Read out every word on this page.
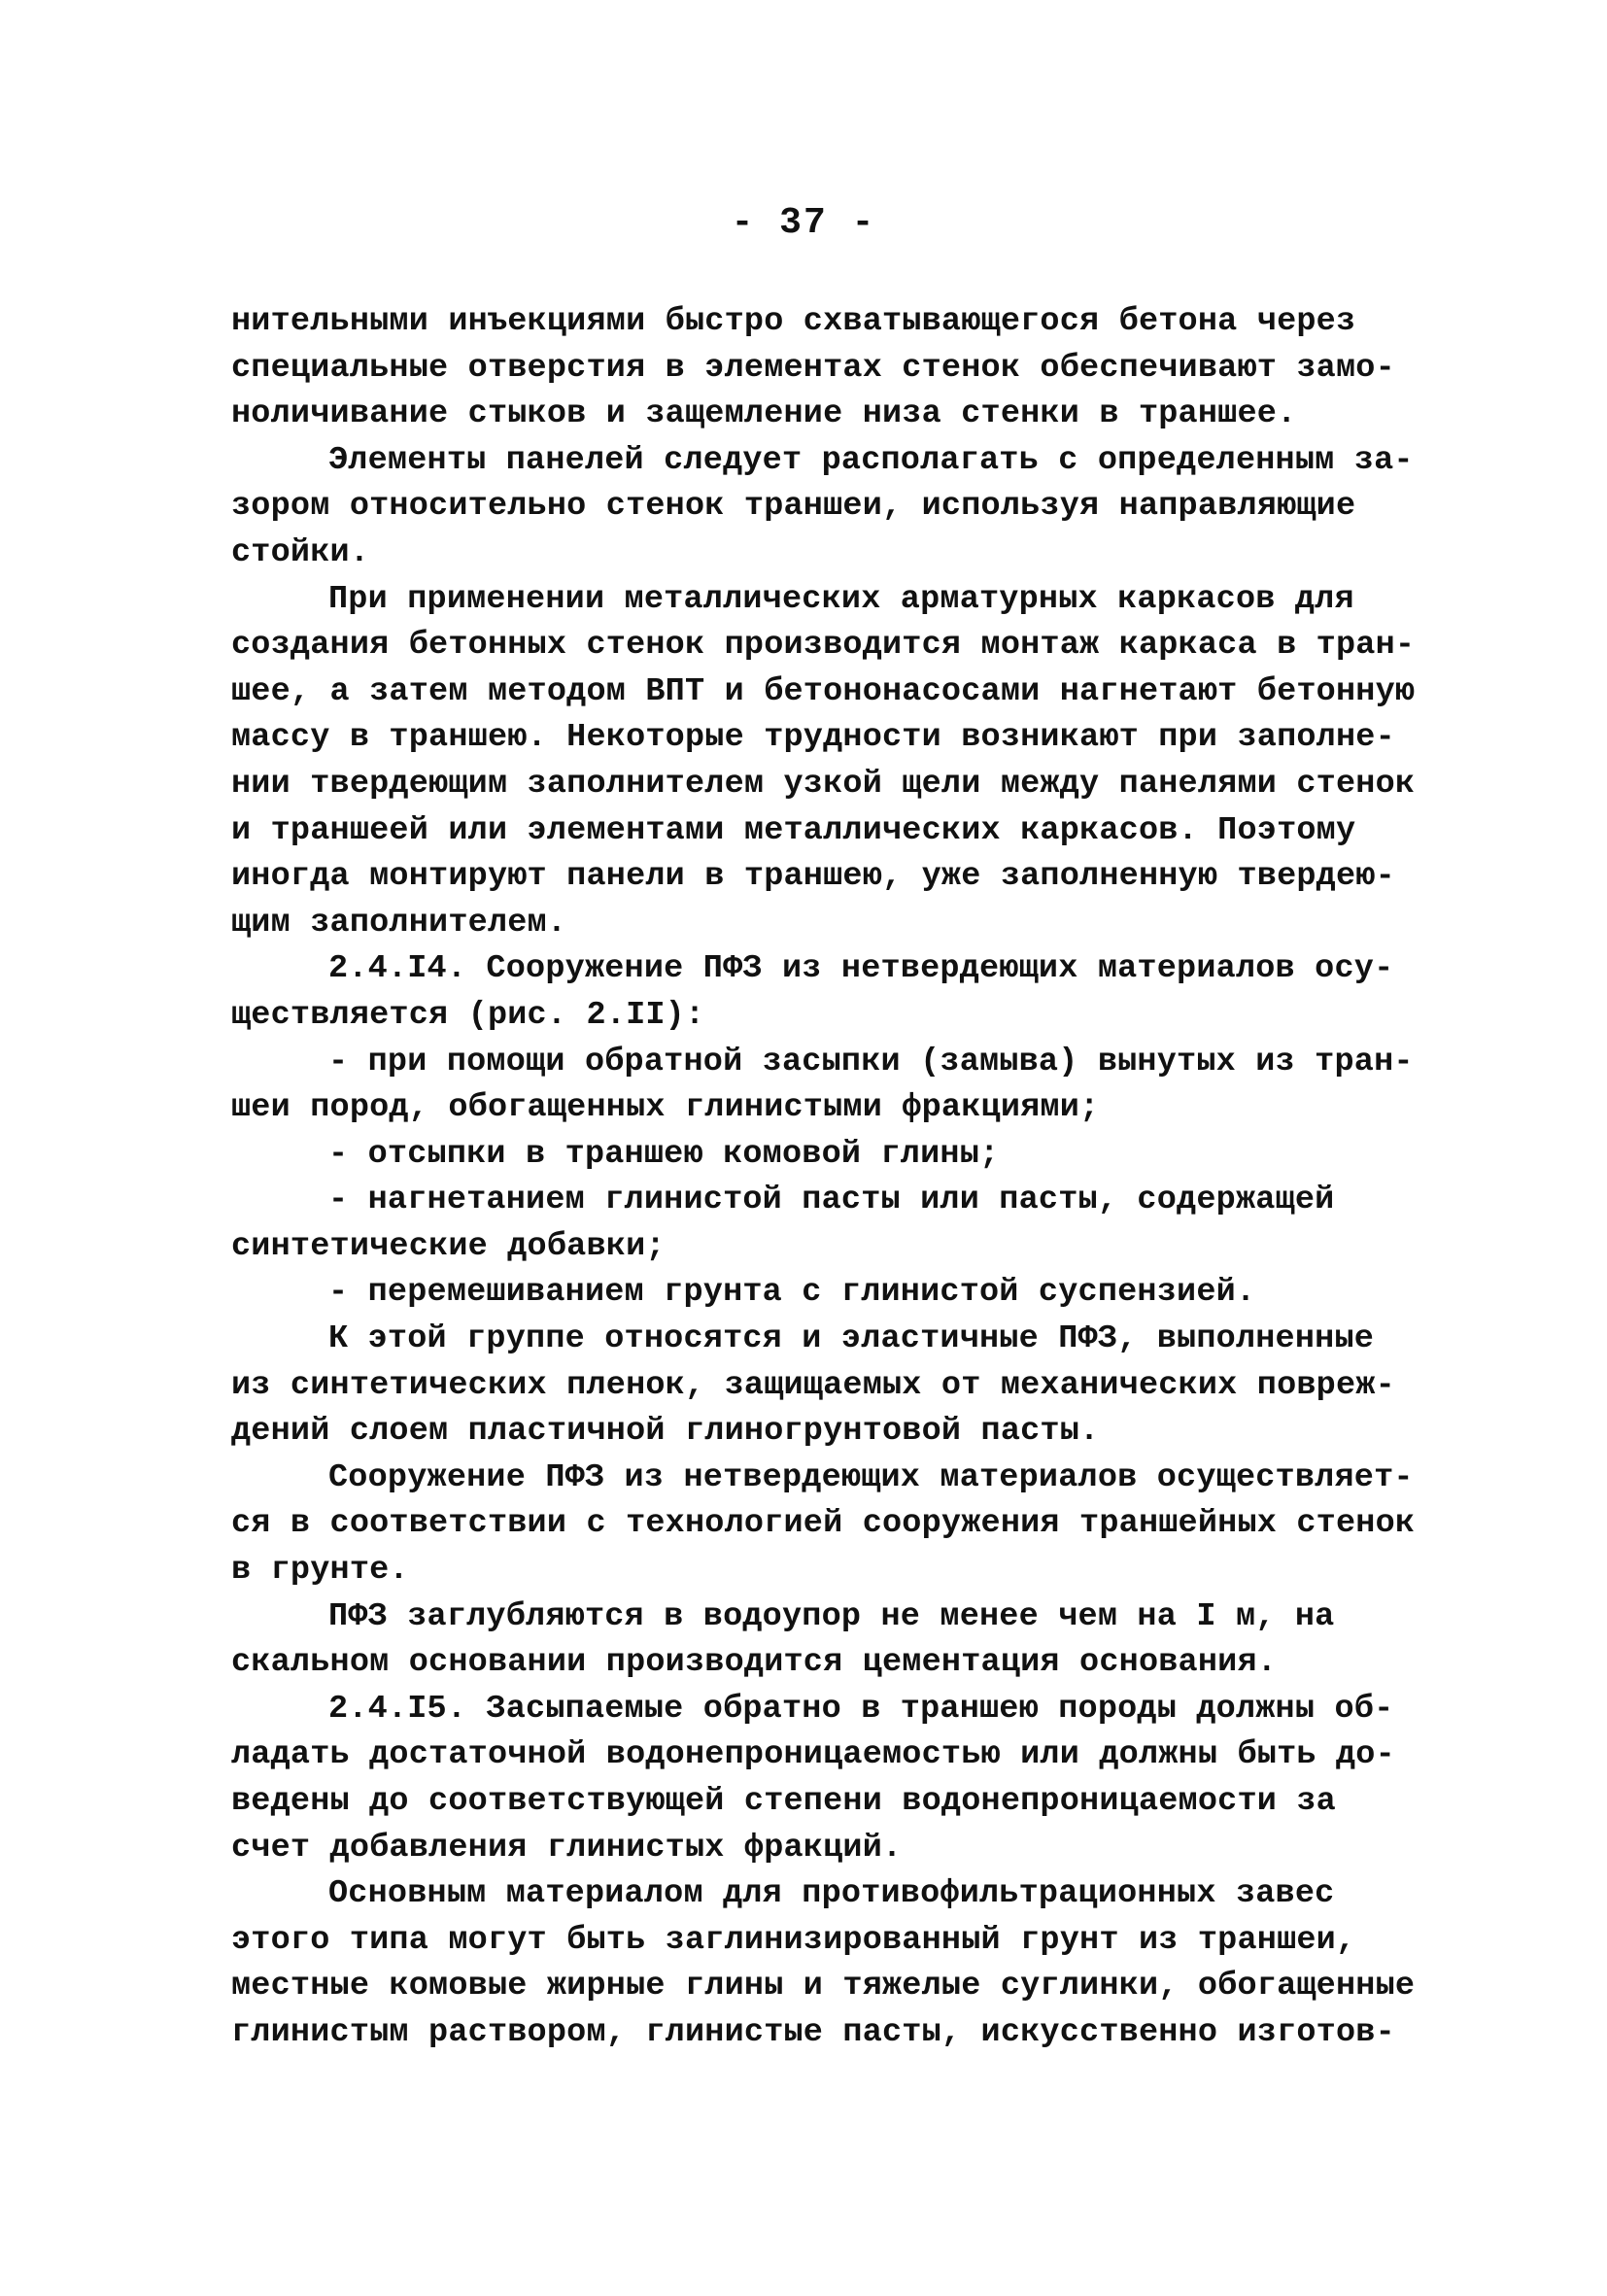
- 37 -
нительными инъекциями быстро схватывающегося бетона через
специальные отверстия в элементах стенок обеспечивают замо-
ноличивание стыков и защемление низа стенки в траншее.
Элементы панелей следует располагать с определенным за-
зором относительно стенок траншеи, используя направляющие
стойки.
При применении металлических арматурных каркасов для
создания бетонных стенок производится монтаж каркаса в тран-
шее, а затем методом ВПТ и бетононасосами нагнетают бетонную
массу в траншею. Некоторые трудности возникают при заполне-
нии твердеющим заполнителем узкой щели между панелями стенок
и траншеей или элементами металлических каркасов. Поэтому
иногда монтируют панели в траншею, уже заполненную твердею-
щим заполнителем.
2.4.I4. Сооружение ПФЗ из нетвердеющих материалов осу-
ществляется (рис. 2.II):
- при помощи обратной засыпки (замыва) вынутых из тран-
шеи пород, обогащенных глинистыми фракциями;
- отсыпки в траншею комовой глины;
- нагнетанием глинистой пасты или пасты, содержащей
синтетические добавки;
- перемешиванием грунта с глинистой суспензией.
К этой группе относятся и эластичные ПФЗ, выполненные
из синтетических пленок, защищаемых от механических повреж-
дений слоем пластичной глиногрунтовой пасты.
Сооружение ПФЗ из нетвердеющих материалов осуществляет-
ся в соответствии с технологией сооружения траншейных стенок
в грунте.
ПФЗ заглубляются в водоупор не менее чем на I м, на
скальном основании производится цементация основания.
2.4.I5. Засыпаемые обратно в траншею породы должны об-
ладать достаточной водонепроницаемостью или должны быть до-
ведены до соответствующей степени водонепроницаемости за
счет добавления глинистых фракций.
Основным материалом для противофильтрационных завес
этого типа могут быть заглинизированный грунт из траншеи,
местные комовые жирные глины и тяжелые суглинки, обогащенные
глинистым раствором, глинистые пасты, искусственно изготов-
